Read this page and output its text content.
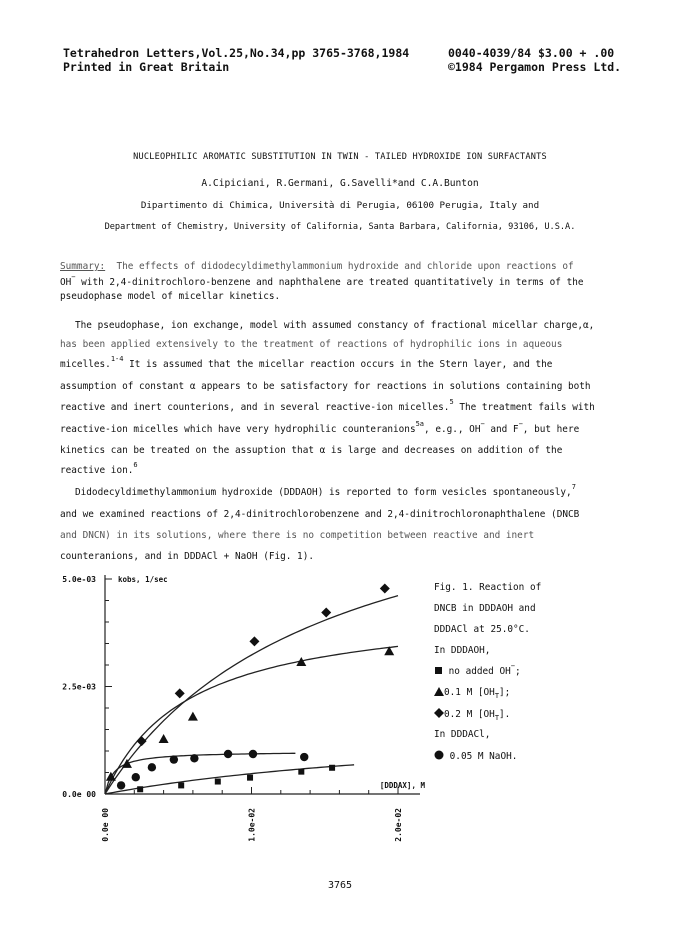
Tetrahedron Letters,Vol.25,No.34,pp 3765-3768,1984	0040-4039/84 $3.00 + .00
Printed in Great Britain	©1984 Pergamon Press Ltd.
NUCLEOPHILIC AROMATIC SUBSTITUTION IN TWIN - TAILED HYDROXIDE ION SURFACTANTS
A.Cipiciani, R.Germani, G.Savelli*and C.A.Bunton
Dipartimento di Chimica, Università di Perugia, 06100 Perugia, Italy and
Department of Chemistry, University of California, Santa Barbara, California, 93106, U.S.A.
Summary: The effects of didodecyldimethylammonium hydroxide and chloride upon reactions of
OH− with 2,4-dinitrochloro-benzene and naphthalene are treated quantitatively in terms of the
pseudophase model of micellar kinetics.
The pseudophase, ion exchange, model with assumed constancy of fractional micellar charge,α,
has been applied extensively to the treatment of reactions of hydrophilic ions in aqueous
micelles.$^{1-4}$ It is assumed that the micellar reaction occurs in the Stern layer, and the
assumption of constant α appears to be satisfactory for reactions in solutions containing both
reactive and inert counterions, and in several reactive-ion micelles.$^5$ The treatment fails with
reactive-ion micelles which have very hydrophilic counteranions$^{5a}$, e.g., OH− and F−, but here
kinetics can be treated on the assuption that α is large and decreases on addition of the
reactive ion.$^6$
Didodecyldimethylammonium hydroxide (DDDAOH) is reported to form vesicles spontaneously,$^7$
and we examined reactions of 2,4-dinitrochlorobenzene and 2,4-dinitrochloronaphthalene (DNCB
and DNCN) in its solutions, where there is no competition between reactive and inert
counteranions, and in DDDACl + NaOH (Fig. 1).
5.0e-03
2.5e-03
0.0e 00
0.0e 00	1.0e-02	2.0e-02
kobs, 1/sec
[DDDAX], M
Fig. 1. Reaction of
DNCB in DDDAOH and
DDDACl at 25.0°C.
In DDDAOH,
no added OH−;
0.1 M $[OH_T]$;
0.2 M $[OH_T]$.
In DDDACl,
0.05 M NaOH.
3765
